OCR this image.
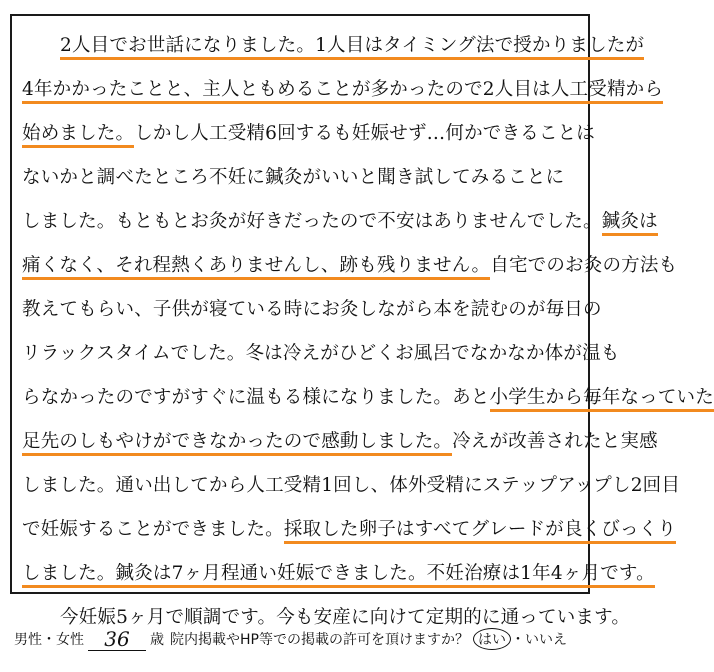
2人目でお世話になりました。1人目はタイミング法で授かりましたが
4年かかったことと、主人ともめることが多かったので2人目は人工受精から
始めました。しかし人工受精6回するも妊娠せず…何かできることは
ないかと調べたところ不妊に鍼灸がいいと聞き試してみることに
しました。もともとお灸が好きだったので不安はありませんでした。鍼灸は
痛くなく、それ程熱くありませんし、跡も残りません。自宅でのお灸の方法も
教えてもらい、子供が寝ている時にお灸しながら本を読むのが毎日の
リラックスタイムでした。冬は冷えがひどくお風呂でなかなか体が温も
らなかったのですがすぐに温もる様になりました。あと小学生から毎年なっていた
足先のしもやけができなかったので感動しました。冷えが改善されたと実感
しました。通い出してから人工受精1回し、体外受精にステップアップし2回目
で妊娠することができました。採取した卵子はすべてグレードが良くびっくり
しました。鍼灸は7ヶ月程通い妊娠できました。不妊治療は1年4ヶ月です。
今妊娠5ヶ月で順調です。今も安産に向けて定期的に通っています。
男性・女性	36	歳 院内掲載やHP等での掲載の許可を頂けますか？ はい ・ いいえ
